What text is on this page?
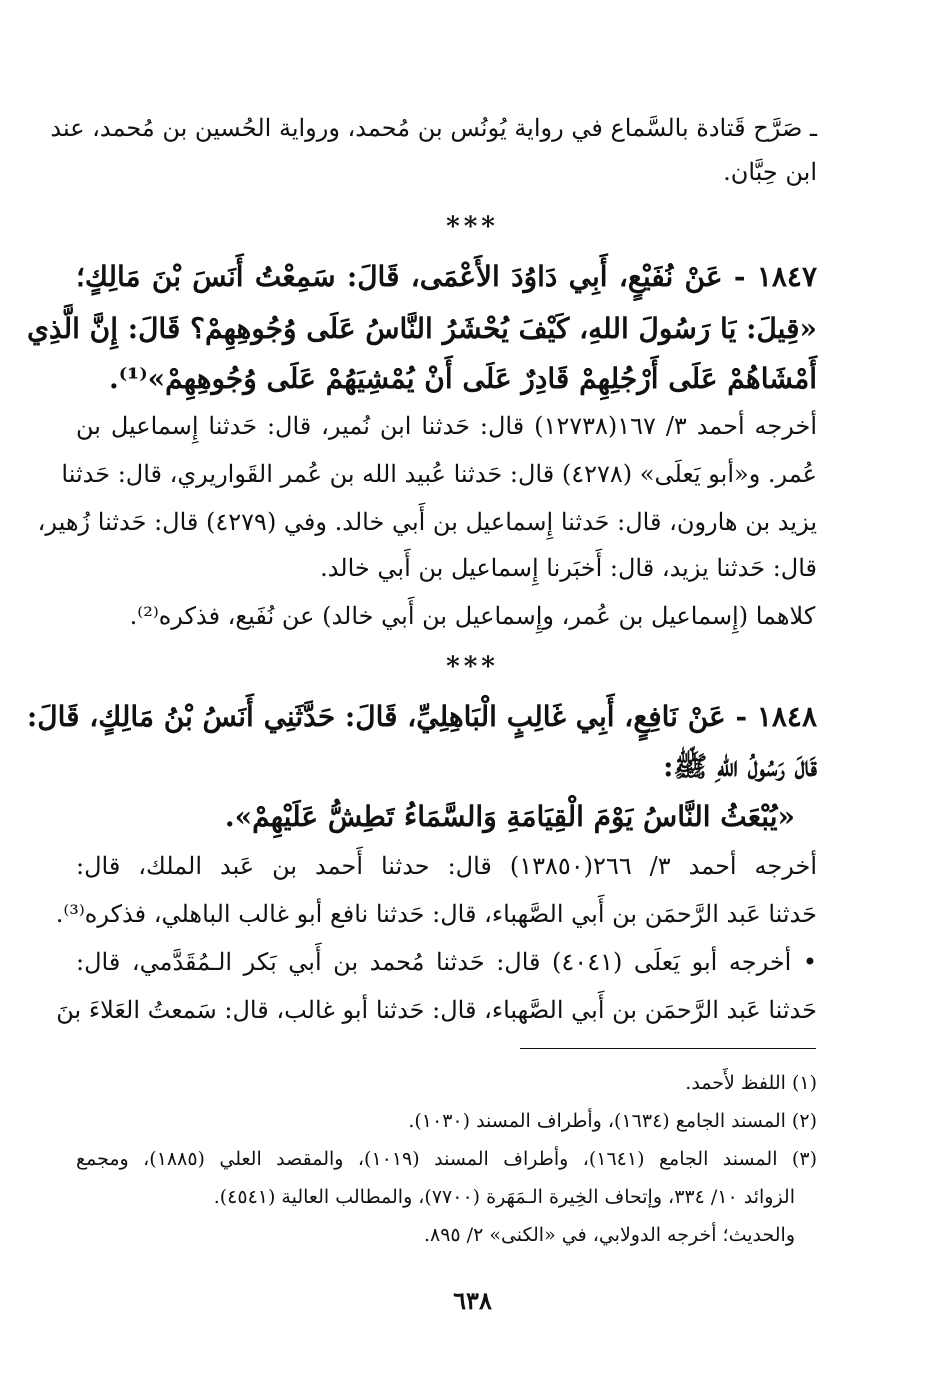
ـ صَرَّح قَتادة بالسَّماع في رواية يُونُس بن مُحمد، ورواية الحُسين بن مُحمد، عند
ابن حِبَّان.
***
١٨٤٧ - عَنْ نُفَيْعٍ، أَبِي دَاوُدَ الأَعْمَى، قَالَ: سَمِعْتُ أَنَسَ بْنَ مَالِكٍ؛
«قِيلَ: يَا رَسُولَ اللهِ، كَيْفَ يُحْشَرُ النَّاسُ عَلَى وُجُوهِهِمْ؟ قَالَ: إِنَّ الَّذِي
أَمْشَاهُمْ عَلَى أَرْجُلِهِمْ قَادِرٌ عَلَى أَنْ يُمْشِيَهُمْ عَلَى وُجُوهِهِمْ»⁽¹⁾.
أخرجه أحمد ٣/ ١٦٧(١٢٧٣٨) قال: حَدثنا ابن نُمير، قال: حَدثنا إِسماعيل بن
عُمر. و«أبو يَعلَى» (٤٢٧٨) قال: حَدثنا عُبيد الله بن عُمر القَواريري، قال: حَدثنا
يزيد بن هارون، قال: حَدثنا إِسماعيل بن أَبي خالد. وفي (٤٢٧٩) قال: حَدثنا زُهير،
قال: حَدثنا يزيد، قال: أَخبَرنا إِسماعيل بن أَبي خالد.
كلاهما (إِسماعيل بن عُمر، وإِسماعيل بن أَبي خالد) عن نُفَيع، فذكره⁽²⁾.
***
١٨٤٨ - عَنْ نَافِعٍ، أَبِي غَالِبٍ الْبَاهِلِيِّ، قَالَ: حَدَّثَنِي أَنَسُ بْنُ مَالِكٍ، قَالَ:
قَالَ رَسُولُ اللهِ ﷺ:
«يُبْعَثُ النَّاسُ يَوْمَ الْقِيَامَةِ وَالسَّمَاءُ تَطِشُّ عَلَيْهِمْ».
أخرجه أحمد ٣/ ٢٦٦(١٣٨٥٠) قال: حدثنا أَحمد بن عَبد الملك، قال:
حَدثنا عَبد الرَّحمَن بن أَبي الصَّهباء، قال: حَدثنا نافع أبو غالب الباهلي، فذكره⁽³⁾.
• أخرجه أبو يَعلَى (٤٠٤١) قال: حَدثنا مُحمد بن أَبي بَكر الـمُقَدَّمي، قال:
حَدثنا عَبد الرَّحمَن بن أَبي الصَّهباء، قال: حَدثنا أبو غالب، قال: سَمعتُ العَلاءَ بنَ
(١) اللفظ لأَحمد.
(٢) المسند الجامع (١٦٣٤)، وأطراف المسند (١٠٣٠).
(٣) المسند الجامع (١٦٤١)، وأطراف المسند (١٠١٩)، والمقصد العلي (١٨٨٥)، ومجمع
الزوائد ١٠/ ٣٣٤، وإتحاف الخِيرة الـمَهَرة (٧٧٠٠)، والمطالب العالية (٤٥٤١).
والحديث؛ أخرجه الدولابي، في «الكنى» ٢/ ٨٩٥.
٦٣٨
